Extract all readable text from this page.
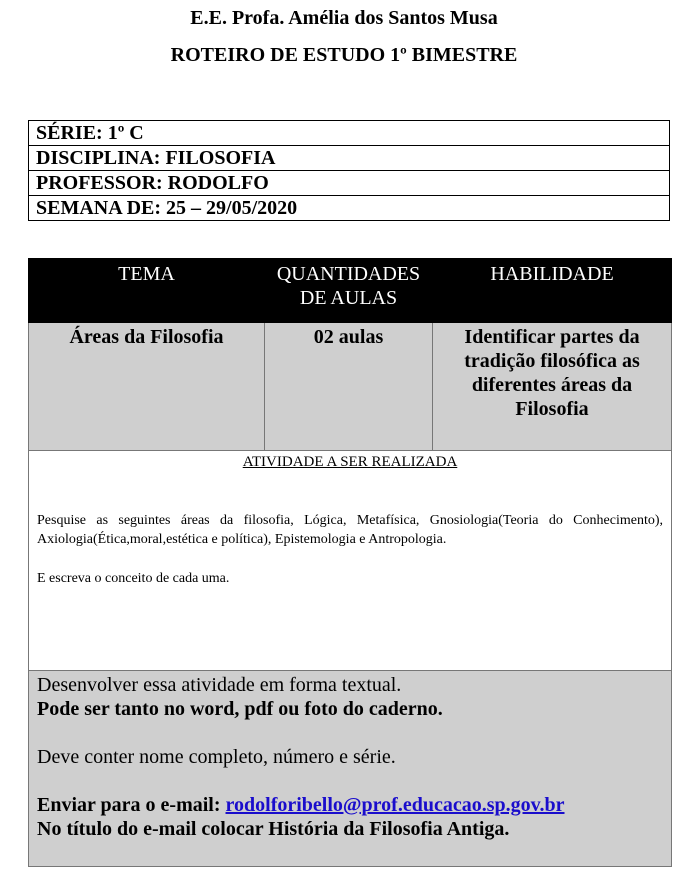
E.E. Profa. Amélia dos Santos Musa
ROTEIRO DE ESTUDO 1º BIMESTRE
SÉRIE: 1º C
DISCIPLINA: FILOSOFIA
PROFESSOR: RODOLFO
SEMANA DE: 25 – 29/05/2020
TEMA	QUANTIDADES DE AULAS	HABILIDADE
Áreas da Filosofia	02 aulas	Identificar partes da tradição filosófica as diferentes áreas da Filosofia

ATIVIDADE A SER REALIZADA
Pesquise as seguintes áreas da filosofia, Lógica, Metafísica, Gnosiologia(Teoria do Conhecimento), Axiologia(Ética,moral,estética e política), Epistemologia e Antropologia.
E escreva o conceito de cada uma.		

Desenvolver essa atividade em forma textual.

Pode ser tanto no word, pdf ou foto do caderno.

Deve conter nome completo, número e série.

Enviar para o e-mail: rodolforibello@prof.educacao.sp.gov.br

No título do e-mail colocar História da Filosofia Antiga.		
